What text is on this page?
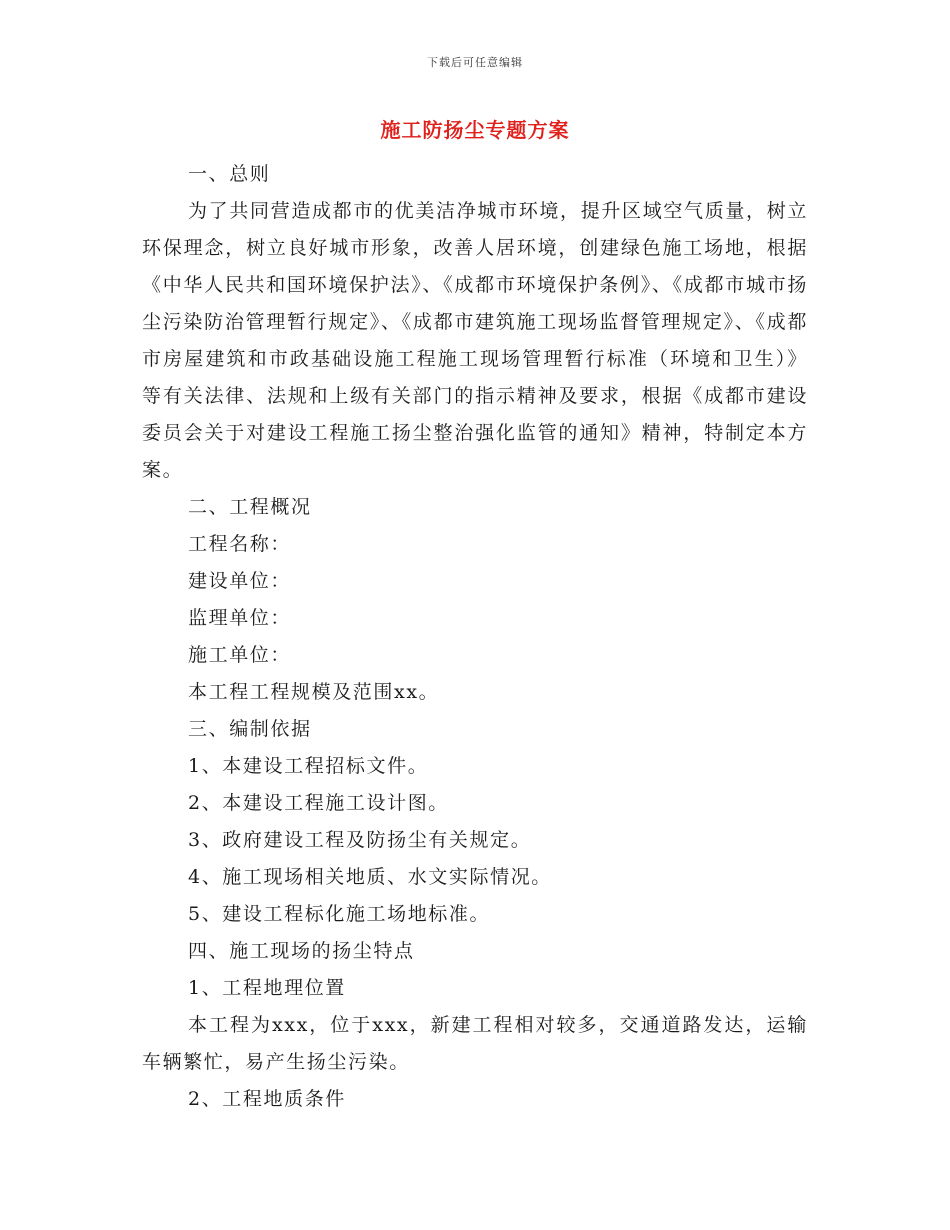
下载后可任意编辑
施工防扬尘专题方案

一、总则

为了共同营造成都市的优美洁净城市环境，提升区域空气质量，树立环保理念，树立良好城市形象，改善人居环境，创建绿色施工场地，根据《中华人民共和国环境保护法》、《成都市环境保护条例》、《成都市城市扬尘污染防治管理暂行规定》、《成都市建筑施工现场监督管理规定》、《成都市房屋建筑和市政基础设施工程施工现场管理暂行标准（环境和卫生）》等有关法律、法规和上级有关部门的指示精神及要求，根据《成都市建设委员会关于对建设工程施工扬尘整治强化监管的通知》精神，特制定本方案。

二、工程概况

工程名称：

建设单位：

监理单位：

施工单位：

本工程工程规模及范围xx。

三、编制依据

1、本建设工程招标文件。

2、本建设工程施工设计图。

3、政府建设工程及防扬尘有关规定。

4、施工现场相关地质、水文实际情况。

5、建设工程标化施工场地标准。

四、施工现场的扬尘特点

1、工程地理位置

本工程为xxx，位于xxx，新建工程相对较多，交通道路发达，运输车辆繁忙，易产生扬尘污染。

2、工程地质条件
